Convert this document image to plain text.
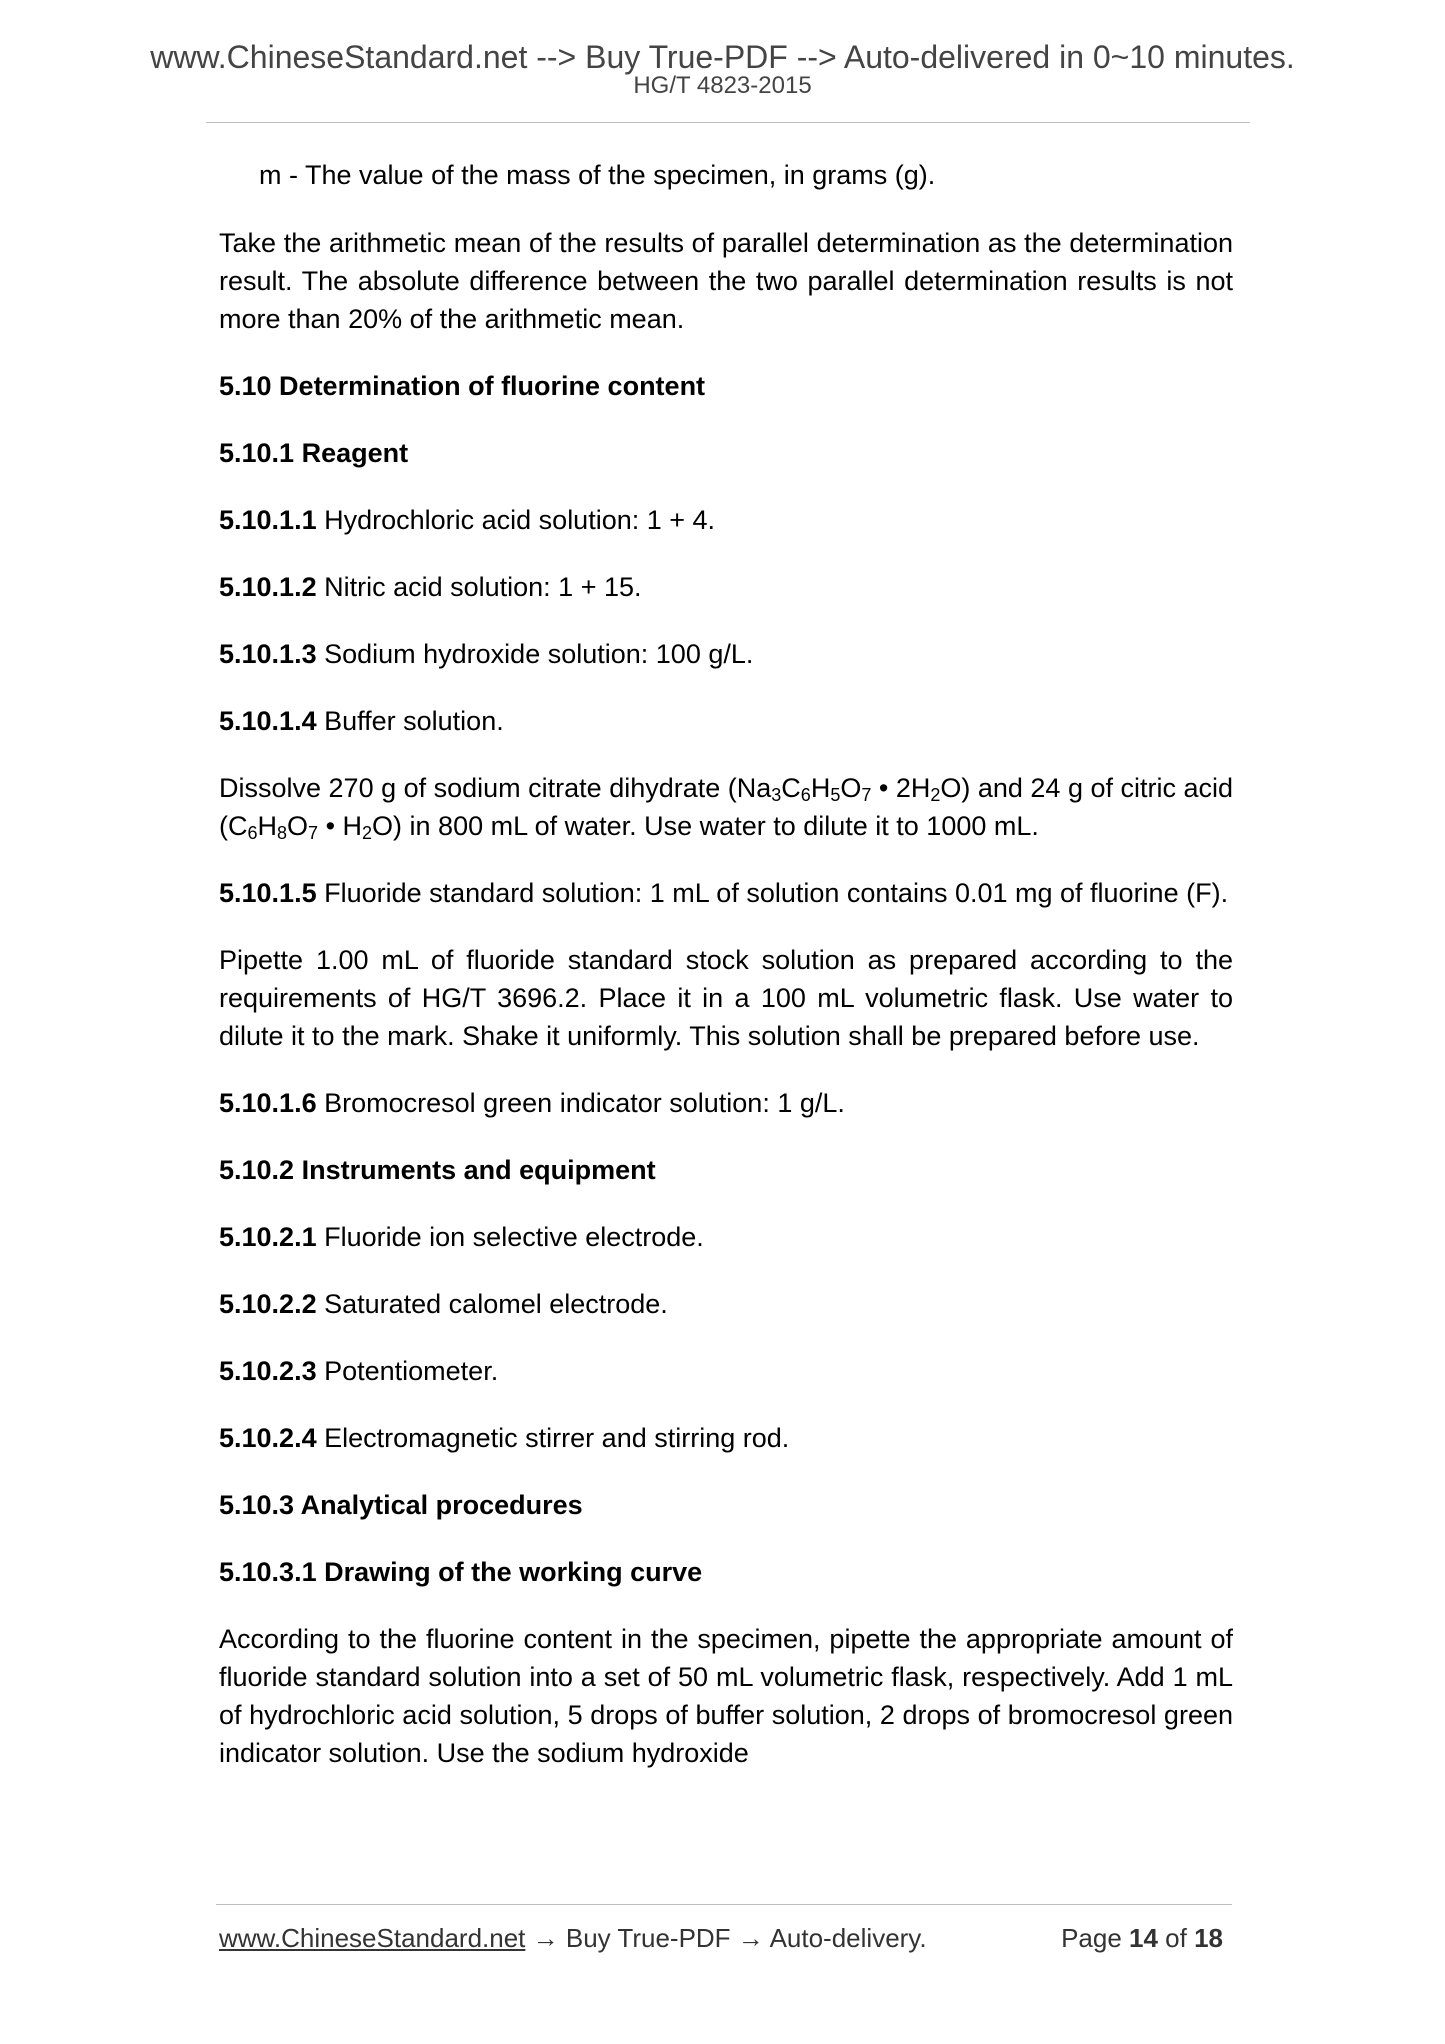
www.ChineseStandard.net --> Buy True-PDF --> Auto-delivered in 0~10 minutes.
HG/T 4823-2015

m - The value of the mass of the specimen, in grams (g).

Take the arithmetic mean of the results of parallel determination as the determination result. The absolute difference between the two parallel determination results is not more than 20% of the arithmetic mean.

5.10 Determination of fluorine content

5.10.1 Reagent

5.10.1.1 Hydrochloric acid solution: 1 + 4.

5.10.1.2 Nitric acid solution: 1 + 15.

5.10.1.3 Sodium hydroxide solution: 100 g/L.

5.10.1.4 Buffer solution.

Dissolve 270 g of sodium citrate dihydrate ($Na_3C_6H_5O_7$ • $2H_2O$) and 24 g of citric acid ($C_6H_8O_7$ • $H_2O$) in 800 mL of water. Use water to dilute it to 1000 mL.

5.10.1.5 Fluoride standard solution: 1 mL of solution contains 0.01 mg of fluorine (F).

Pipette 1.00 mL of fluoride standard stock solution as prepared according to the requirements of HG/T 3696.2. Place it in a 100 mL volumetric flask. Use water to dilute it to the mark. Shake it uniformly. This solution shall be prepared before use.

5.10.1.6 Bromocresol green indicator solution: 1 g/L.

5.10.2 Instruments and equipment

5.10.2.1 Fluoride ion selective electrode.

5.10.2.2 Saturated calomel electrode.

5.10.2.3 Potentiometer.

5.10.2.4 Electromagnetic stirrer and stirring rod.

5.10.3 Analytical procedures

5.10.3.1 Drawing of the working curve

According to the fluorine content in the specimen, pipette the appropriate amount of fluoride standard solution into a set of 50 mL volumetric flask, respectively. Add 1 mL of hydrochloric acid solution, 5 drops of buffer solution, 2 drops of bromocresol green indicator solution. Use the sodium hydroxide

www.ChineseStandard.net → Buy True-PDF → Auto-delivery.	Page 14 of 18
